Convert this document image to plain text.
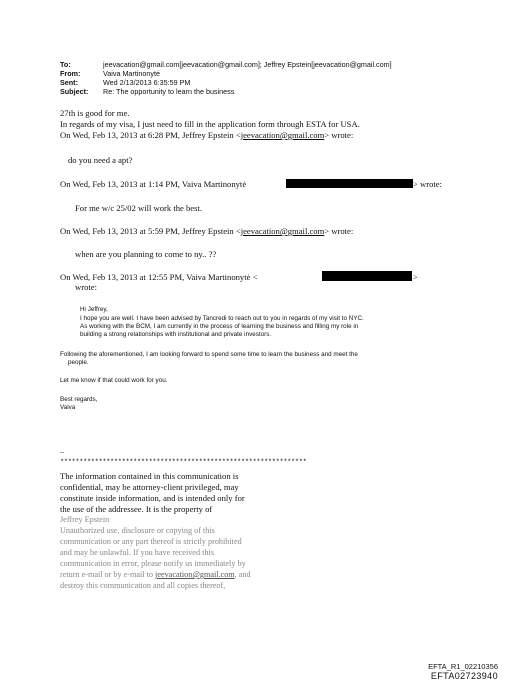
To:	jeevacation@gmail.com[jeevacation@gmail.com]; Jeffrey Epstein[jeevacation@gmail.com]
From:	Vaiva Martinonytė
Sent:	Wed 2/13/2013 6:35:59 PM
Subject: Re: The opportunity to learn the business
27th is good for me.
In regards of my visa, I just need to fill in the application form through ESTA for USA.
On Wed, Feb 13, 2013 at 6:28 PM, Jeffrey Epstein <jeevacation@gmail.com> wrote:
do you need a apt?
On Wed, Feb 13, 2013 at 1:14 PM, Vaiva Martinonytė	> wrote:
For me w/c 25/02 will work the best.
On Wed, Feb 13, 2013 at 5:59 PM, Jeffrey Epstein <jeevacation@gmail.com> wrote:
when are you planning to come to ny.. ??
On Wed, Feb 13, 2013 at 12:55 PM, Vaiva Martinonytė <	>
wrote:
Hi Jeffrey,
I hope you are well. I have been advised by Tancredi to reach out to you in regards of my visit to NYC.
As working with the BCM, I am currently in the process of learning the business and filling my role in
building a strong relationships with institutional and private investors.
Following the aforementioned, I am looking forward to spend some time to learn the business and meet the
people.
Let me know if that could work for you.
Best regards,
Vaiva
--
****************************************************************
The information contained in this communication is
confidential, may be attorney-client privileged, may
constitute inside information, and is intended only for
the use of the addressee. It is the property of
Jeffrey Epstein
Unauthorized use, disclosure or copying of this
communication or any part thereof is strictly prohibited
and may be unlawful. If you have received this
communication in error, please notify us immediately by
return e-mail or by e-mail to jeevacation@gmail.com, and
destroy this communication and all copies thereof,
EFTA_R1_02210356
EFTA02723940
